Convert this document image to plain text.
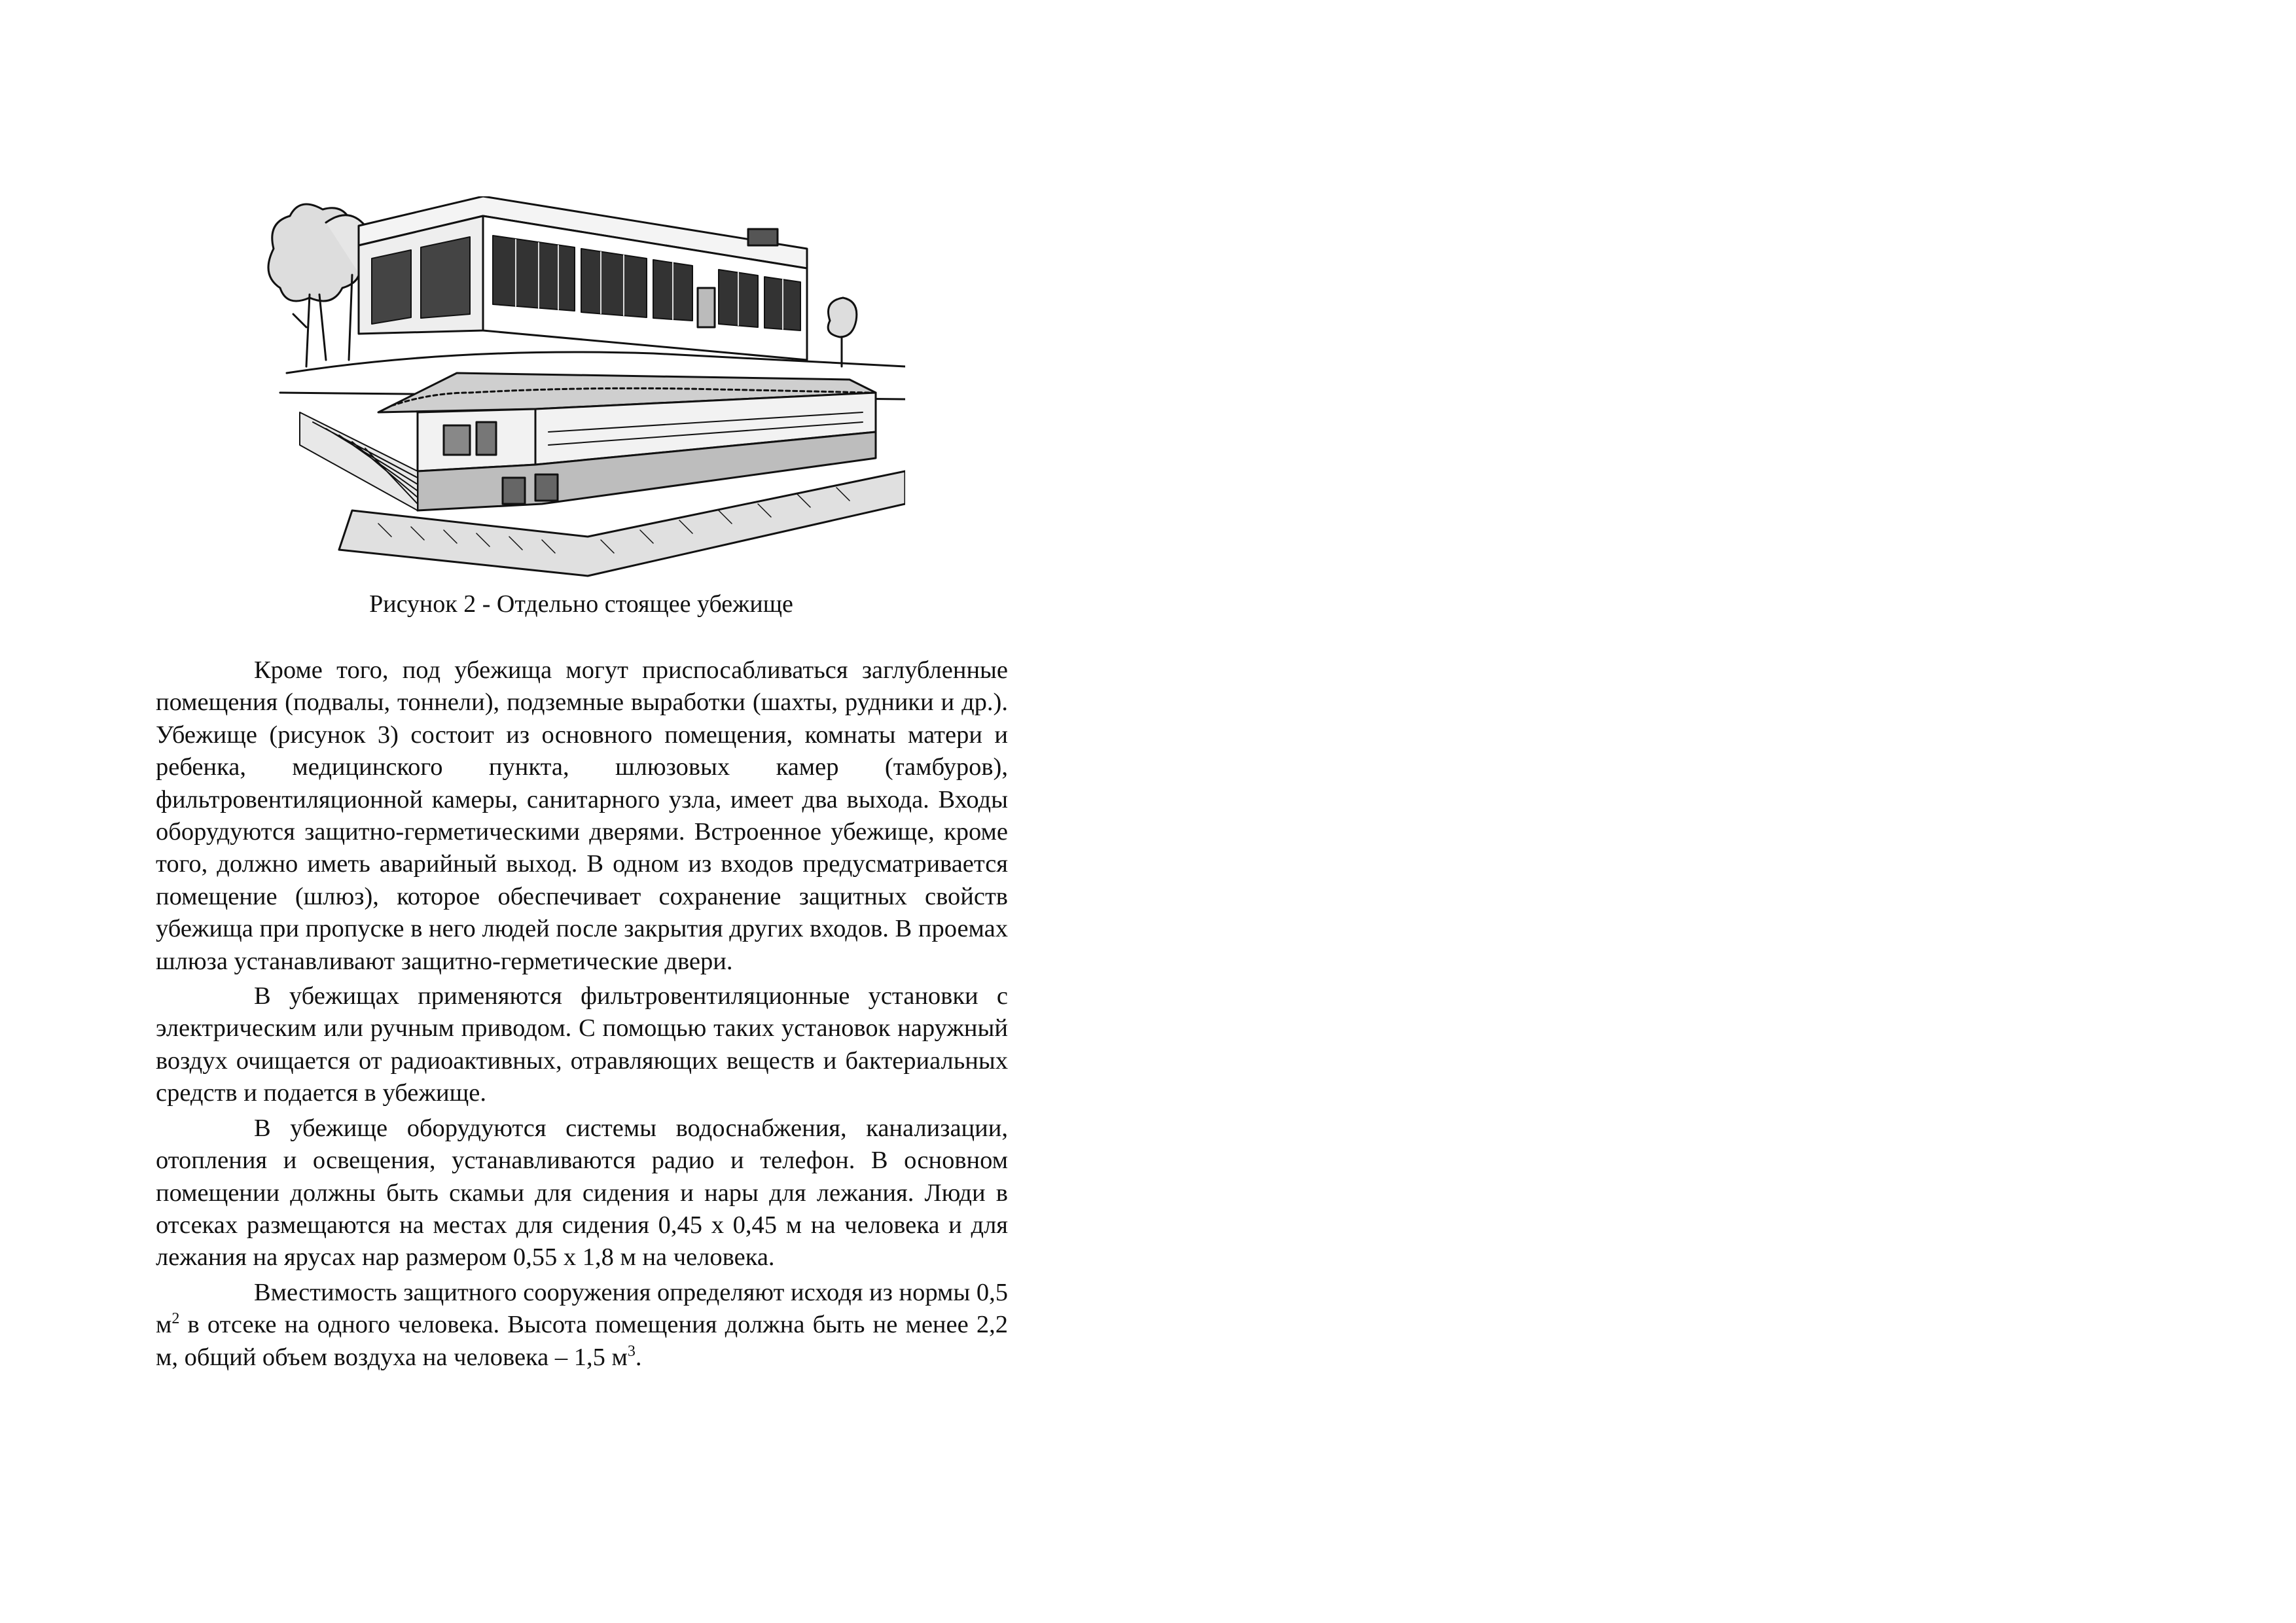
Рисунок 2 - Отдельно стоящее убежище

Кроме того, под убежища могут приспосабливаться заглубленные помещения (подвалы, тоннели), подземные выработки (шахты, рудники и др.). Убежище (рисунок 3) состоит из основного помещения, комнаты матери и ребенка, медицинского пункта, шлюзовых камер (тамбуров), фильтровентиляционной камеры, санитарного узла, имеет два выхода. Входы оборудуются защитно-герметическими дверями. Встроенное убежище, кроме того, должно иметь аварийный выход. В одном из входов предусматривается помещение (шлюз), которое обеспечивает сохранение защитных свойств убежища при пропуске в него людей после закрытия других входов. В проемах шлюза устанавливают защитно-герметические двери.

В убежищах применяются фильтровентиляционные установки с электрическим или ручным приводом. С помощью таких установок наружный воздух очищается от радиоактивных, отравляющих веществ и бактериальных средств и подается в убежище.

В убежище оборудуются системы водоснабжения, канализации, отопления и освещения, устанавливаются радио и телефон. В основном помещении должны быть скамьи для сидения и нары для лежания. Люди в отсеках размещаются на местах для сидения 0,45 х 0,45 м на человека и для лежания на ярусах нар размером 0,55 х 1,8 м на человека.

Вместимость защитного сооружения определяют исходя из нормы 0,5 $м^2$ в отсеке на одного человека. Высота помещения должна быть не менее 2,2 м, общий объем воздуха на человека – 1,5 $м^3$.
